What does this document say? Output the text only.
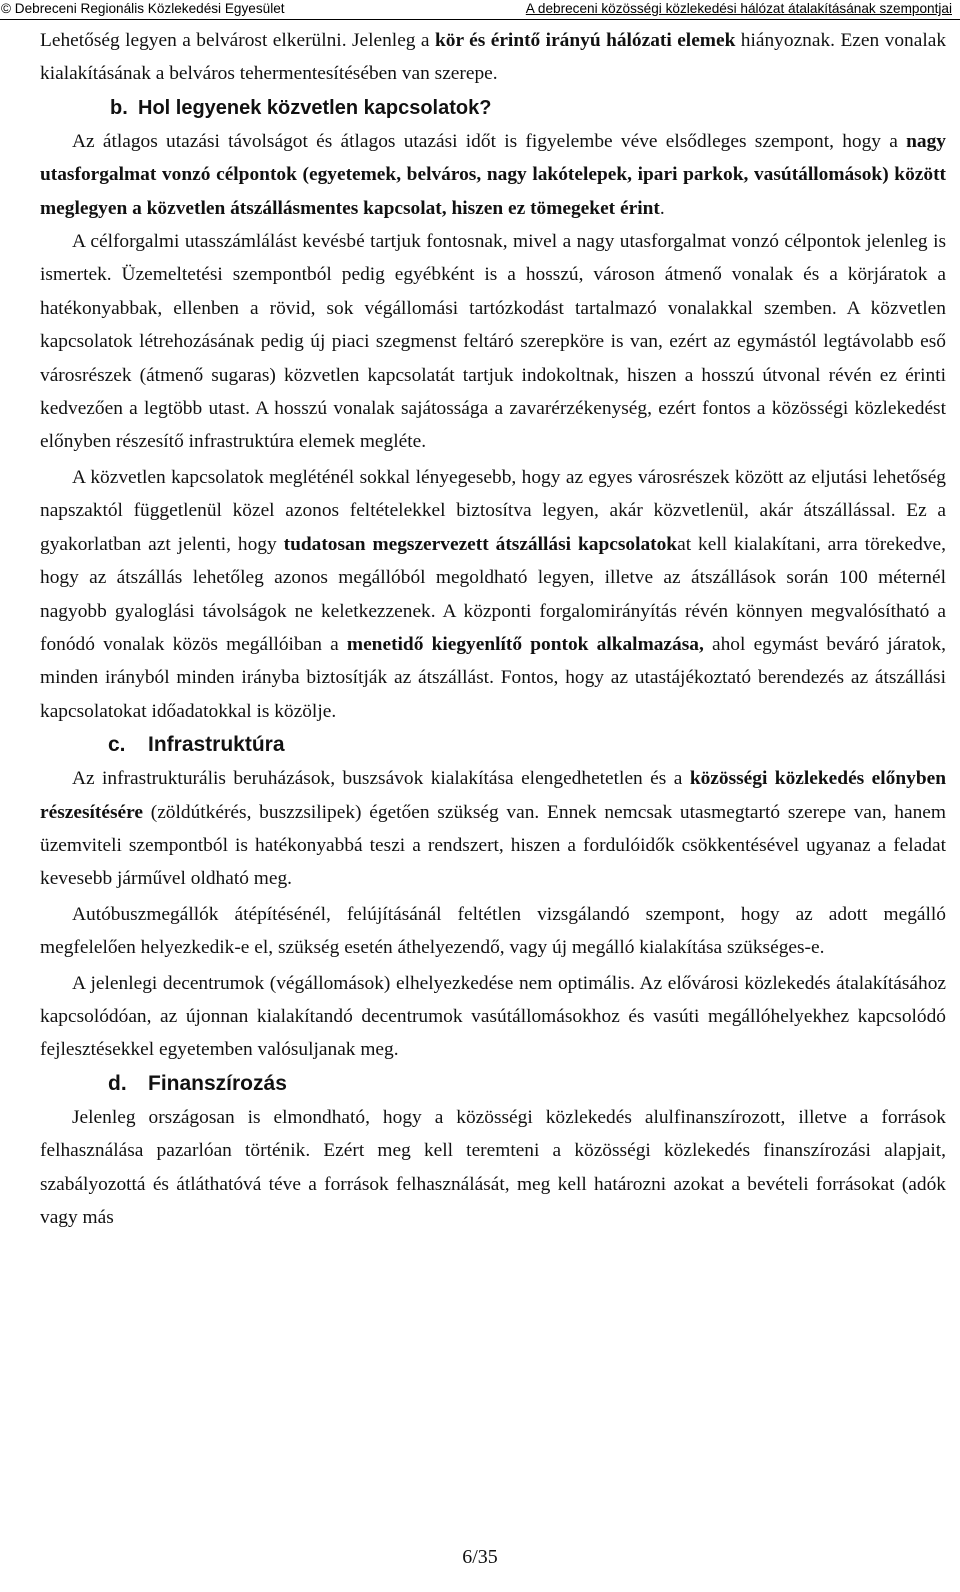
© Debreceni Regionális Közlekedési Egyesület	A debreceni közösségi közlekedési hálózat átalakításának szempontjai

Lehetőség legyen a belvárost elkerülni. Jelenleg a kör és érintő irányú hálózati elemek hiányoznak. Ezen vonalak kialakításának a belváros tehermentesítésében van szerepe.

b. Hol legyenek közvetlen kapcsolatok?

Az átlagos utazási távolságot és átlagos utazási időt is figyelembe véve elsődleges szempont, hogy a nagy utasforgalmat vonzó célpontok (egyetemek, belváros, nagy lakótelepek, ipari parkok, vasútállomások) között meglegyen a közvetlen átszállásmentes kapcsolat, hiszen ez tömegeket érint.

A célforgalmi utasszámlálást kevésbé tartjuk fontosnak, mivel a nagy utasforgalmat vonzó célpontok jelenleg is ismertek. Üzemeltetési szempontból pedig egyébként is a hosszú, városon átmenő vonalak és a körjáratok a hatékonyabbak, ellenben a rövid, sok végállomási tartózkodást tartalmazó vonalakkal szemben. A közvetlen kapcsolatok létrehozásának pedig új piaci szegmenst feltáró szerepköre is van, ezért az egymástól legtávolabb eső városrészek (átmenő sugaras) közvetlen kapcsolatát tartjuk indokoltnak, hiszen a hosszú útvonal révén ez érinti kedvezően a legtöbb utast. A hosszú vonalak sajátossága a zavarérzékenység, ezért fontos a közösségi közlekedést előnyben részesítő infrastruktúra elemek megléte.

A közvetlen kapcsolatok megléténél sokkal lényegesebb, hogy az egyes városrészek között az eljutási lehetőség napszaktól függetlenül közel azonos feltételekkel biztosítva legyen, akár közvetlenül, akár átszállással. Ez a gyakorlatban azt jelenti, hogy tudatosan megszervezett átszállási kapcsolatokat kell kialakítani, arra törekedve, hogy az átszállás lehetőleg azonos megállóból megoldható legyen, illetve az átszállások során 100 méternél nagyobb gyaloglási távolságok ne keletkezzenek. A központi forgalomirányítás révén könnyen megvalósítható a fonódó vonalak közös megállóiban a menetidő kiegyenlítő pontok alkalmazása, ahol egymást beváró járatok, minden irányból minden irányba biztosítják az átszállást. Fontos, hogy az utastájékoztató berendezés az átszállási kapcsolatokat időadatokkal is közölje.

c. Infrastruktúra

Az infrastrukturális beruházások, buszsávok kialakítása elengedhetetlen és a közösségi közlekedés előnyben részesítésére (zöldútkérés, buszzsilipek) égetően szükség van. Ennek nemcsak utasmegtartó szerepe van, hanem üzemviteli szempontból is hatékonyabbá teszi a rendszert, hiszen a fordulóidők csökkentésével ugyanaz a feladat kevesebb járművel oldható meg.

Autóbuszmegállók átépítésénél, felújításánál feltétlen vizsgálandó szempont, hogy az adott megálló megfelelően helyezkedik-e el, szükség esetén áthelyezendő, vagy új megálló kialakítása szükséges-e.

A jelenlegi decentrumok (végállomások) elhelyezkedése nem optimális. Az elővárosi közlekedés átalakításához kapcsolódóan, az újonnan kialakítandó decentrumok vasútállomásokhoz és vasúti megállóhelyekhez kapcsolódó fejlesztésekkel egyetemben valósuljanak meg.

d. Finanszírozás

Jelenleg országosan is elmondható, hogy a közösségi közlekedés alulfinanszírozott, illetve a források felhasználása pazarlóan történik. Ezért meg kell teremteni a közösségi közlekedés finanszírozási alapjait, szabályozottá és átláthatóvá téve a források felhasználását, meg kell határozni azokat a bevételi forrásokat (adók vagy más

6/35
